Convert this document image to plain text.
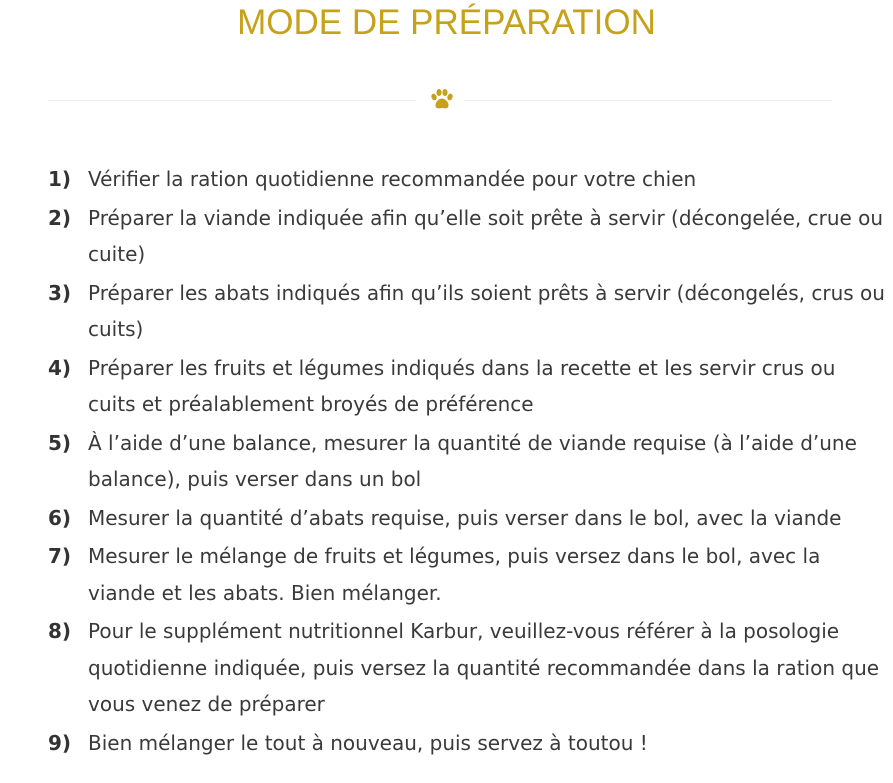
MODE DE PRÉPARATION
1) Vérifier la ration quotidienne recommandée pour votre chien
2) Préparer la viande indiquée afin qu’elle soit prête à servir (décongelée, crue ou cuite)
3) Préparer les abats indiqués afin qu’ils soient prêts à servir (décongelés, crus ou cuits)
4) Préparer les fruits et légumes indiqués dans la recette et les servir crus ou cuits et préalablement broyés de préférence
5) À l’aide d’une balance, mesurer la quantité de viande requise (à l’aide d’une balance), puis verser dans un bol
6) Mesurer la quantité d’abats requise, puis verser dans le bol, avec la viande
7) Mesurer le mélange de fruits et légumes, puis versez dans le bol, avec la viande et les abats. Bien mélanger.
8) Pour le supplément nutritionnel Karbur, veuillez-vous référer à la posologie quotidienne indiquée, puis versez la quantité recommandée dans la ration que vous venez de préparer
9) Bien mélanger le tout à nouveau, puis servez à toutou !
